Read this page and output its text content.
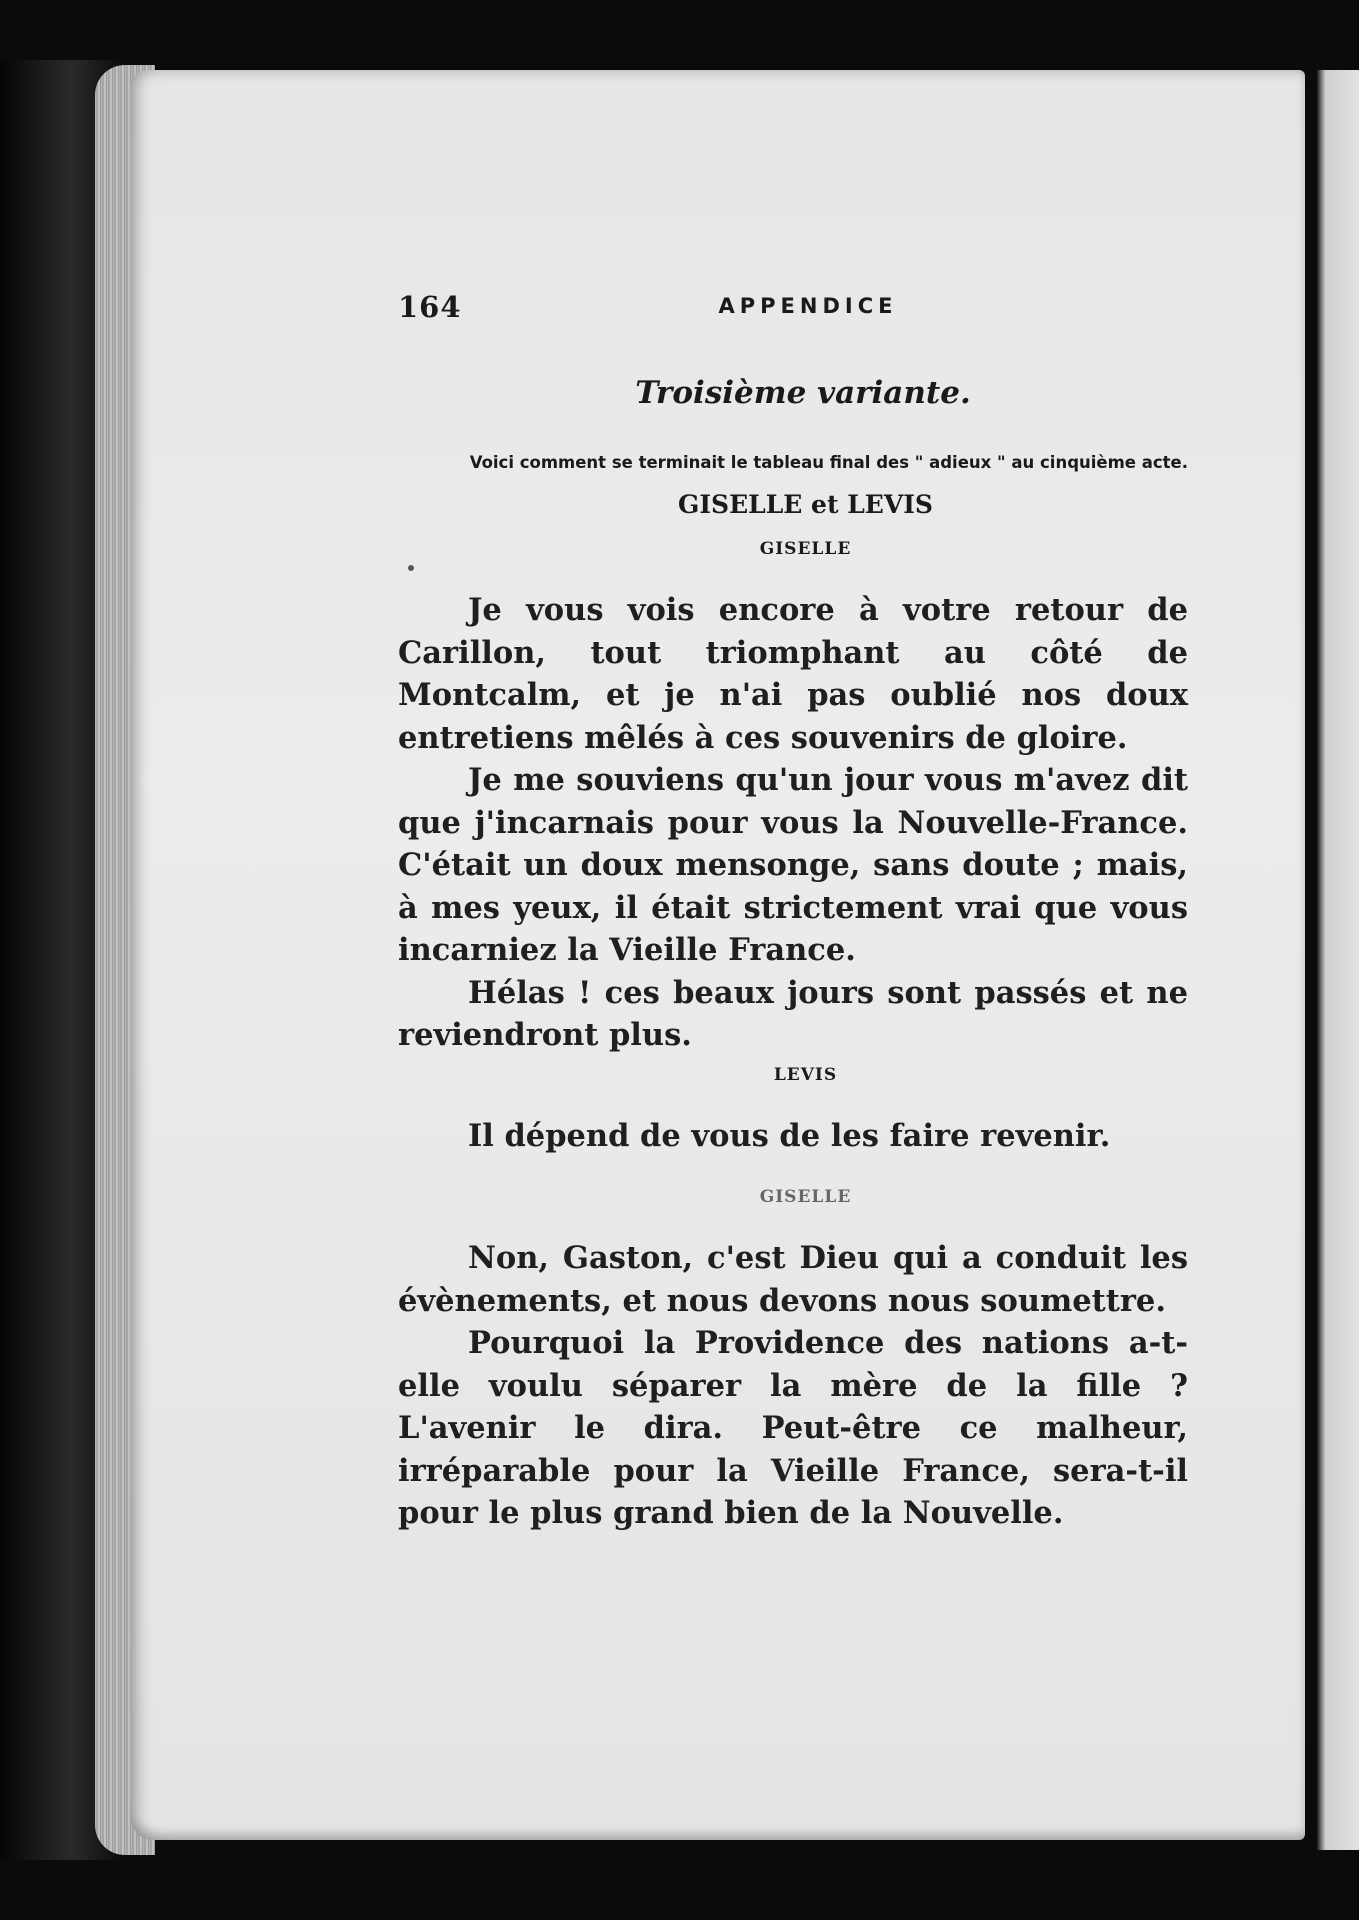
164	APPENDICE
Troisième variante.
Voici comment se terminait le tableau final des " adieux " au cinquième acte.
GISELLE et LEVIS
GISELLE

Je vous vois encore à votre retour de Carillon, tout triomphant au côté de Montcalm, et je n'ai pas oublié nos doux entretiens mêlés à ces souvenirs de gloire.

Je me souviens qu'un jour vous m'avez dit que j'incarnais pour vous la Nouvelle-France. C'était un doux mensonge, sans doute ; mais, à mes yeux, il était strictement vrai que vous incarniez la Vieille France.

Hélas ! ces beaux jours sont passés et ne reviendront plus.

LEVIS

Il dépend de vous de les faire revenir.

GISELLE

Non, Gaston, c'est Dieu qui a conduit les évènements, et nous devons nous soumettre.

Pourquoi la Providence des nations a-t-elle voulu séparer la mère de la fille ? L'avenir le dira. Peut-être ce malheur, irréparable pour la Vieille France, sera-t-il pour le plus grand bien de la Nouvelle.
